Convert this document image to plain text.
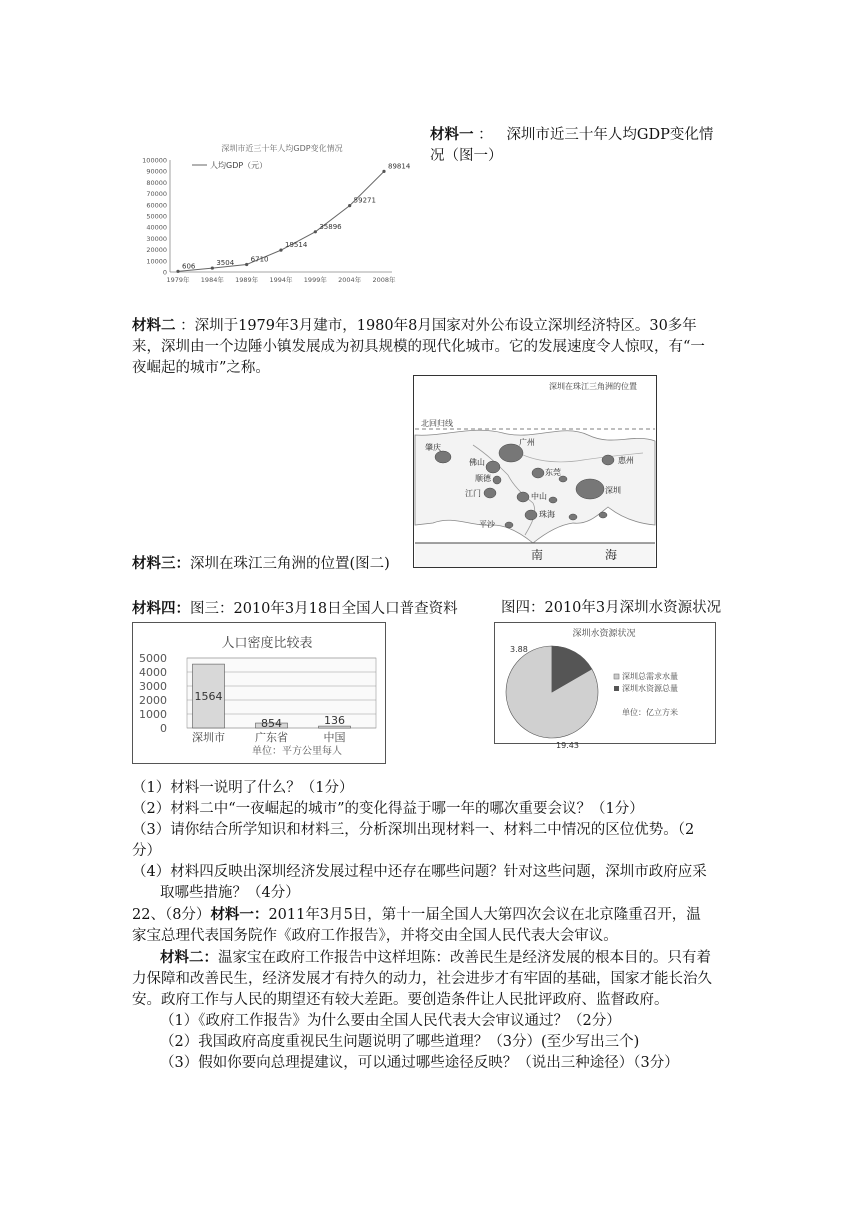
深圳市近三十年人均GDP变化情况
人均GDP（元）
100000
90000
80000
70000
60000
50000
40000
30000
20000
10000
0
1979年 1984年 1989年 1994年 1999年 2004年 2008年
606	3504 6710
19514
35896
59271
89814
材料一 ： 深圳市近三十年人均GDP变化情
况（图一）
材料二 ：深圳于1979年3月建市，1980年8月国家对外公布设立深圳经济特区。30多年
来，深圳由一个边陲小镇发展成为初具规模的现代化城市。它的发展速度令人惊叹，有“一
夜崛起的城市”之称。
深圳在珠江三角洲的位置
北回归线
南	海
肇庆
广州
惠州
佛山
东莞
顺德
江门	中山
深圳
珠海
平沙
材料三：深圳在珠江三角洲的位置(图二)
材料四：图三：2010年3月18日全国人口普查资料	图四：2010年3月深圳水资源状况
人口密度比较表
单位：平方公里每人
5000
4000
3000
2000
1000
0
1564
深圳市
854
广东省
136
中国
深圳水资源状况
深圳总需求水量
深圳水资源总量
单位：亿立方米
19.43
3.88
（1）材料一说明了什么？（1分）
（2）材料二中“一夜崛起的城市”的变化得益于哪一年的哪次重要会议？（1分）
（3）请你结合所学知识和材料三，分析深圳出现材料一、材料二中情况的区位优势。（2
分）
（4）材料四反映出深圳经济发展过程中还存在哪些问题？针对这些问题，深圳市政府应采
取哪些措施？（4分）
22、（8分）材料一：2011年3月5日，第十一届全国人大第四次会议在北京隆重召开，温
家宝总理代表国务院作《政府工作报告》，并将交由全国人民代表大会审议。
材料二：温家宝在政府工作报告中这样坦陈：改善民生是经济发展的根本目的。只有着
力保障和改善民生，经济发展才有持久的动力，社会进步才有牢固的基础，国家才能长治久
安。政府工作与人民的期望还有较大差距。要创造条件让人民批评政府、监督政府。
（1）《政府工作报告》为什么要由全国人民代表大会审议通过？（2分）
（2）我国政府高度重视民生问题说明了哪些道理？（3分）(至少写出三个)
（3）假如你要向总理提建议，可以通过哪些途径反映？（说出三种途径）（3分）
